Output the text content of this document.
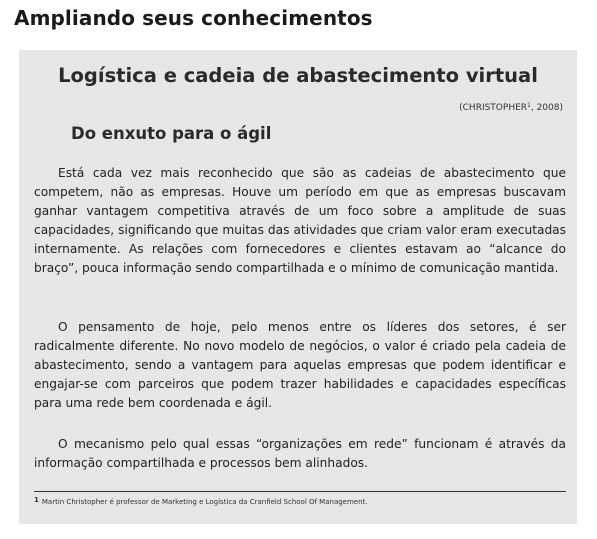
Ampliando seus conhecimentos
Logística e cadeia de abastecimento virtual

(CHRISTOPHER$^1$, 2008)

Do enxuto para o ágil

Está cada vez mais reconhecido que são as cadeias de abastecimento que competem, não as empresas. Houve um período em que as empresas buscavam ganhar vantagem competitiva através de um foco sobre a amplitude de suas capacidades, significando que muitas das atividades que criam valor eram executadas internamente. As relações com fornecedores e clientes estavam ao “alcance do braço”, pouca informação sendo compartilhada e o mínimo de comunicação mantida.

O pensamento de hoje, pelo menos entre os líderes dos setores, é ser radicalmente diferente. No novo modelo de negócios, o valor é criado pela cadeia de abastecimento, sendo a vantagem para aquelas empresas que podem identificar e engajar-se com parceiros que podem trazer habilidades e capacidades específicas para uma rede bem coordenada e ágil.

O mecanismo pelo qual essas “organizações em rede” funcionam é através da informação compartilhada e processos bem alinhados.

$^1$ Martin Christopher é professor de Marketing e Logística da Cranfield School Of Management.
